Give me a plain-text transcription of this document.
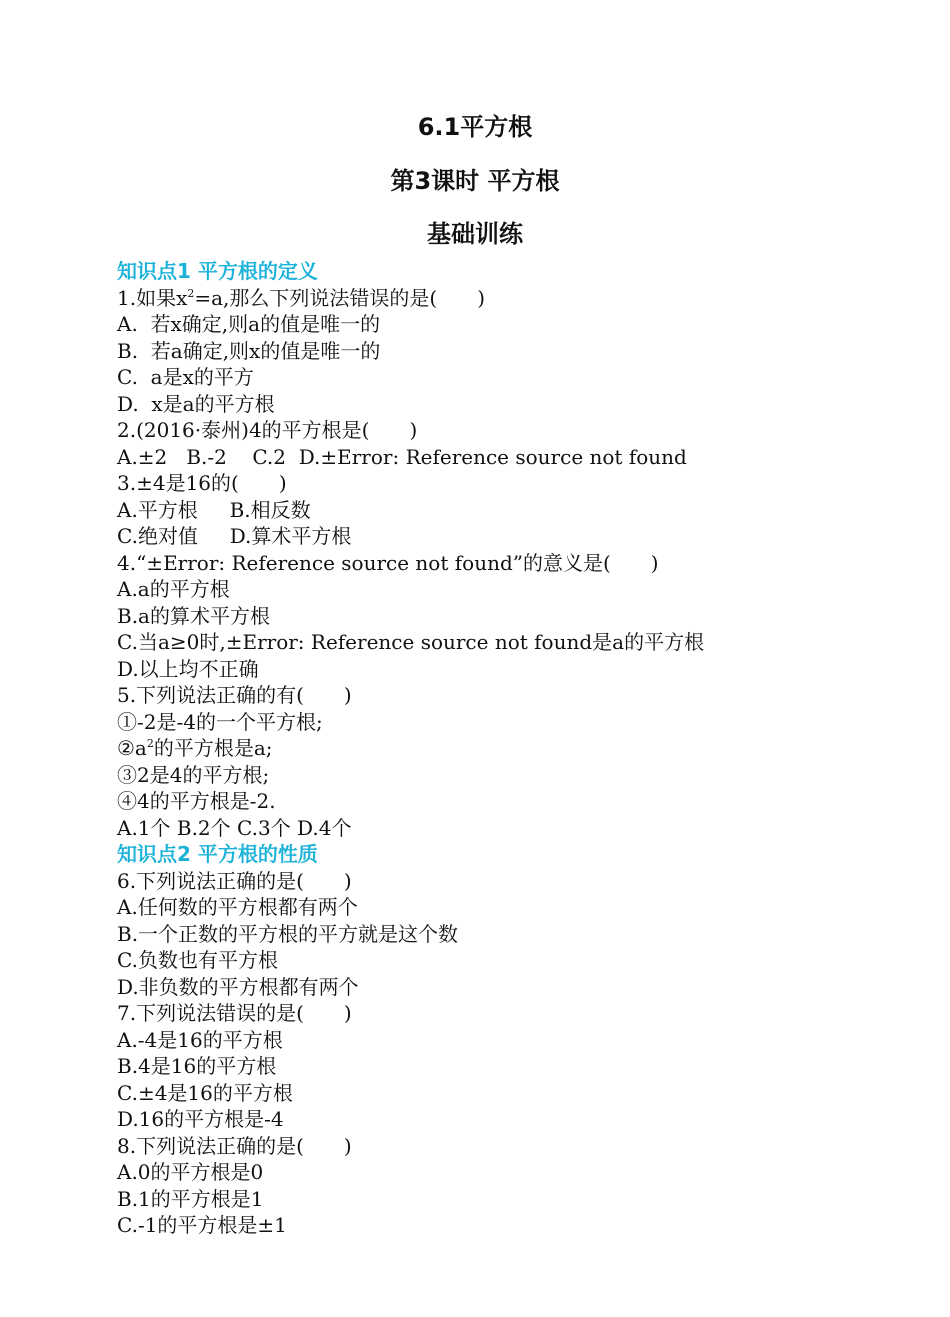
6.1平方根
第3课时 平方根
基础训练
知识点1 平方根的定义
1.如果$x^2=a$,那么下列说法错误的是(　　)
A.  若x确定,则a的值是唯一的
B.  若a确定,则x的值是唯一的
C.  a是x的平方
D.  x是a的平方根
2.(2016·泰州)4的平方根是(　　)
A.±2   B.-2    C.2  D.±Error: Reference source not found
3.±4是16的(　　)
A.平方根     B.相反数
C.绝对值     D.算术平方根
4.“±Error: Reference source not found”的意义是(　　)
A.a的平方根
B.a的算术平方根
C.当a≥0时,±Error: Reference source not found是a的平方根
D.以上均不正确
5.下列说法正确的有(　　)
①-2是-4的一个平方根;
$②a^2$的平方根是a;
③2是4的平方根;
④4的平方根是-2.
A.1个 B.2个 C.3个 D.4个
知识点2 平方根的性质
6.下列说法正确的是(　　)
A.任何数的平方根都有两个
B.一个正数的平方根的平方就是这个数
C.负数也有平方根
D.非负数的平方根都有两个
7.下列说法错误的是(　　)
A.-4是16的平方根
B.4是16的平方根
C.±4是16的平方根
D.16的平方根是-4
8.下列说法正确的是(　　)
A.0的平方根是0
B.1的平方根是1
C.-1的平方根是±1
